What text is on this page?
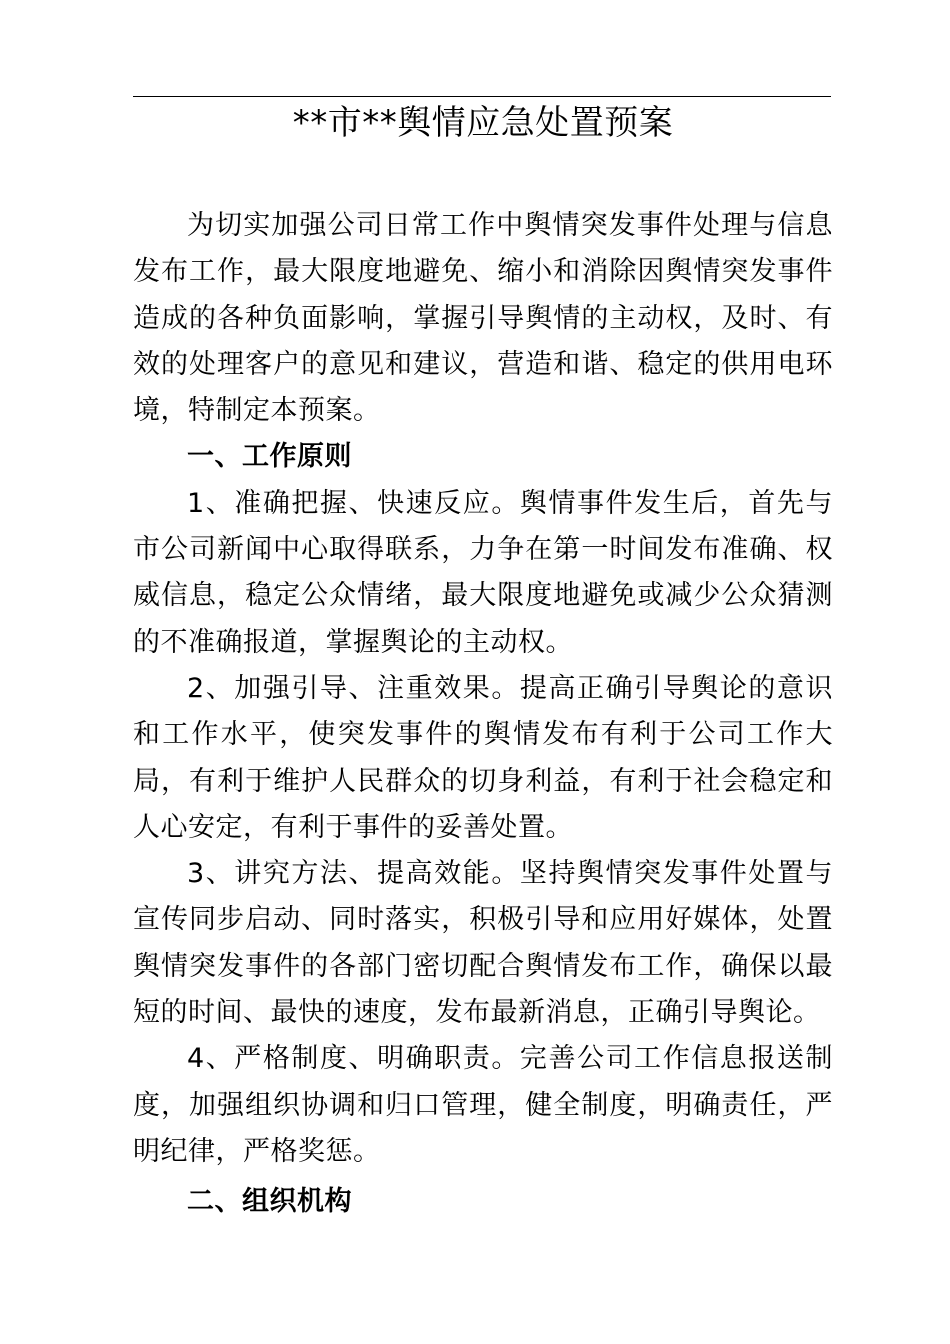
**市**舆情应急处置预案

为切实加强公司日常工作中舆情突发事件处理与信息发布工作，最大限度地避免、缩小和消除因舆情突发事件造成的各种负面影响，掌握引导舆情的主动权，及时、有效的处理客户的意见和建议，营造和谐、稳定的供用电环境，特制定本预案。

一、工作原则

1、准确把握、快速反应。舆情事件发生后，首先与市公司新闻中心取得联系，力争在第一时间发布准确、权威信息，稳定公众情绪，最大限度地避免或减少公众猜测的不准确报道，掌握舆论的主动权。

2、加强引导、注重效果。提高正确引导舆论的意识和工作水平，使突发事件的舆情发布有利于公司工作大局，有利于维护人民群众的切身利益，有利于社会稳定和人心安定，有利于事件的妥善处置。

3、讲究方法、提高效能。坚持舆情突发事件处置与宣传同步启动、同时落实，积极引导和应用好媒体，处置舆情突发事件的各部门密切配合舆情发布工作，确保以最短的时间、最快的速度，发布最新消息，正确引导舆论。

4、严格制度、明确职责。完善公司工作信息报送制度，加强组织协调和归口管理，健全制度，明确责任，严明纪律，严格奖惩。

二、组织机构
